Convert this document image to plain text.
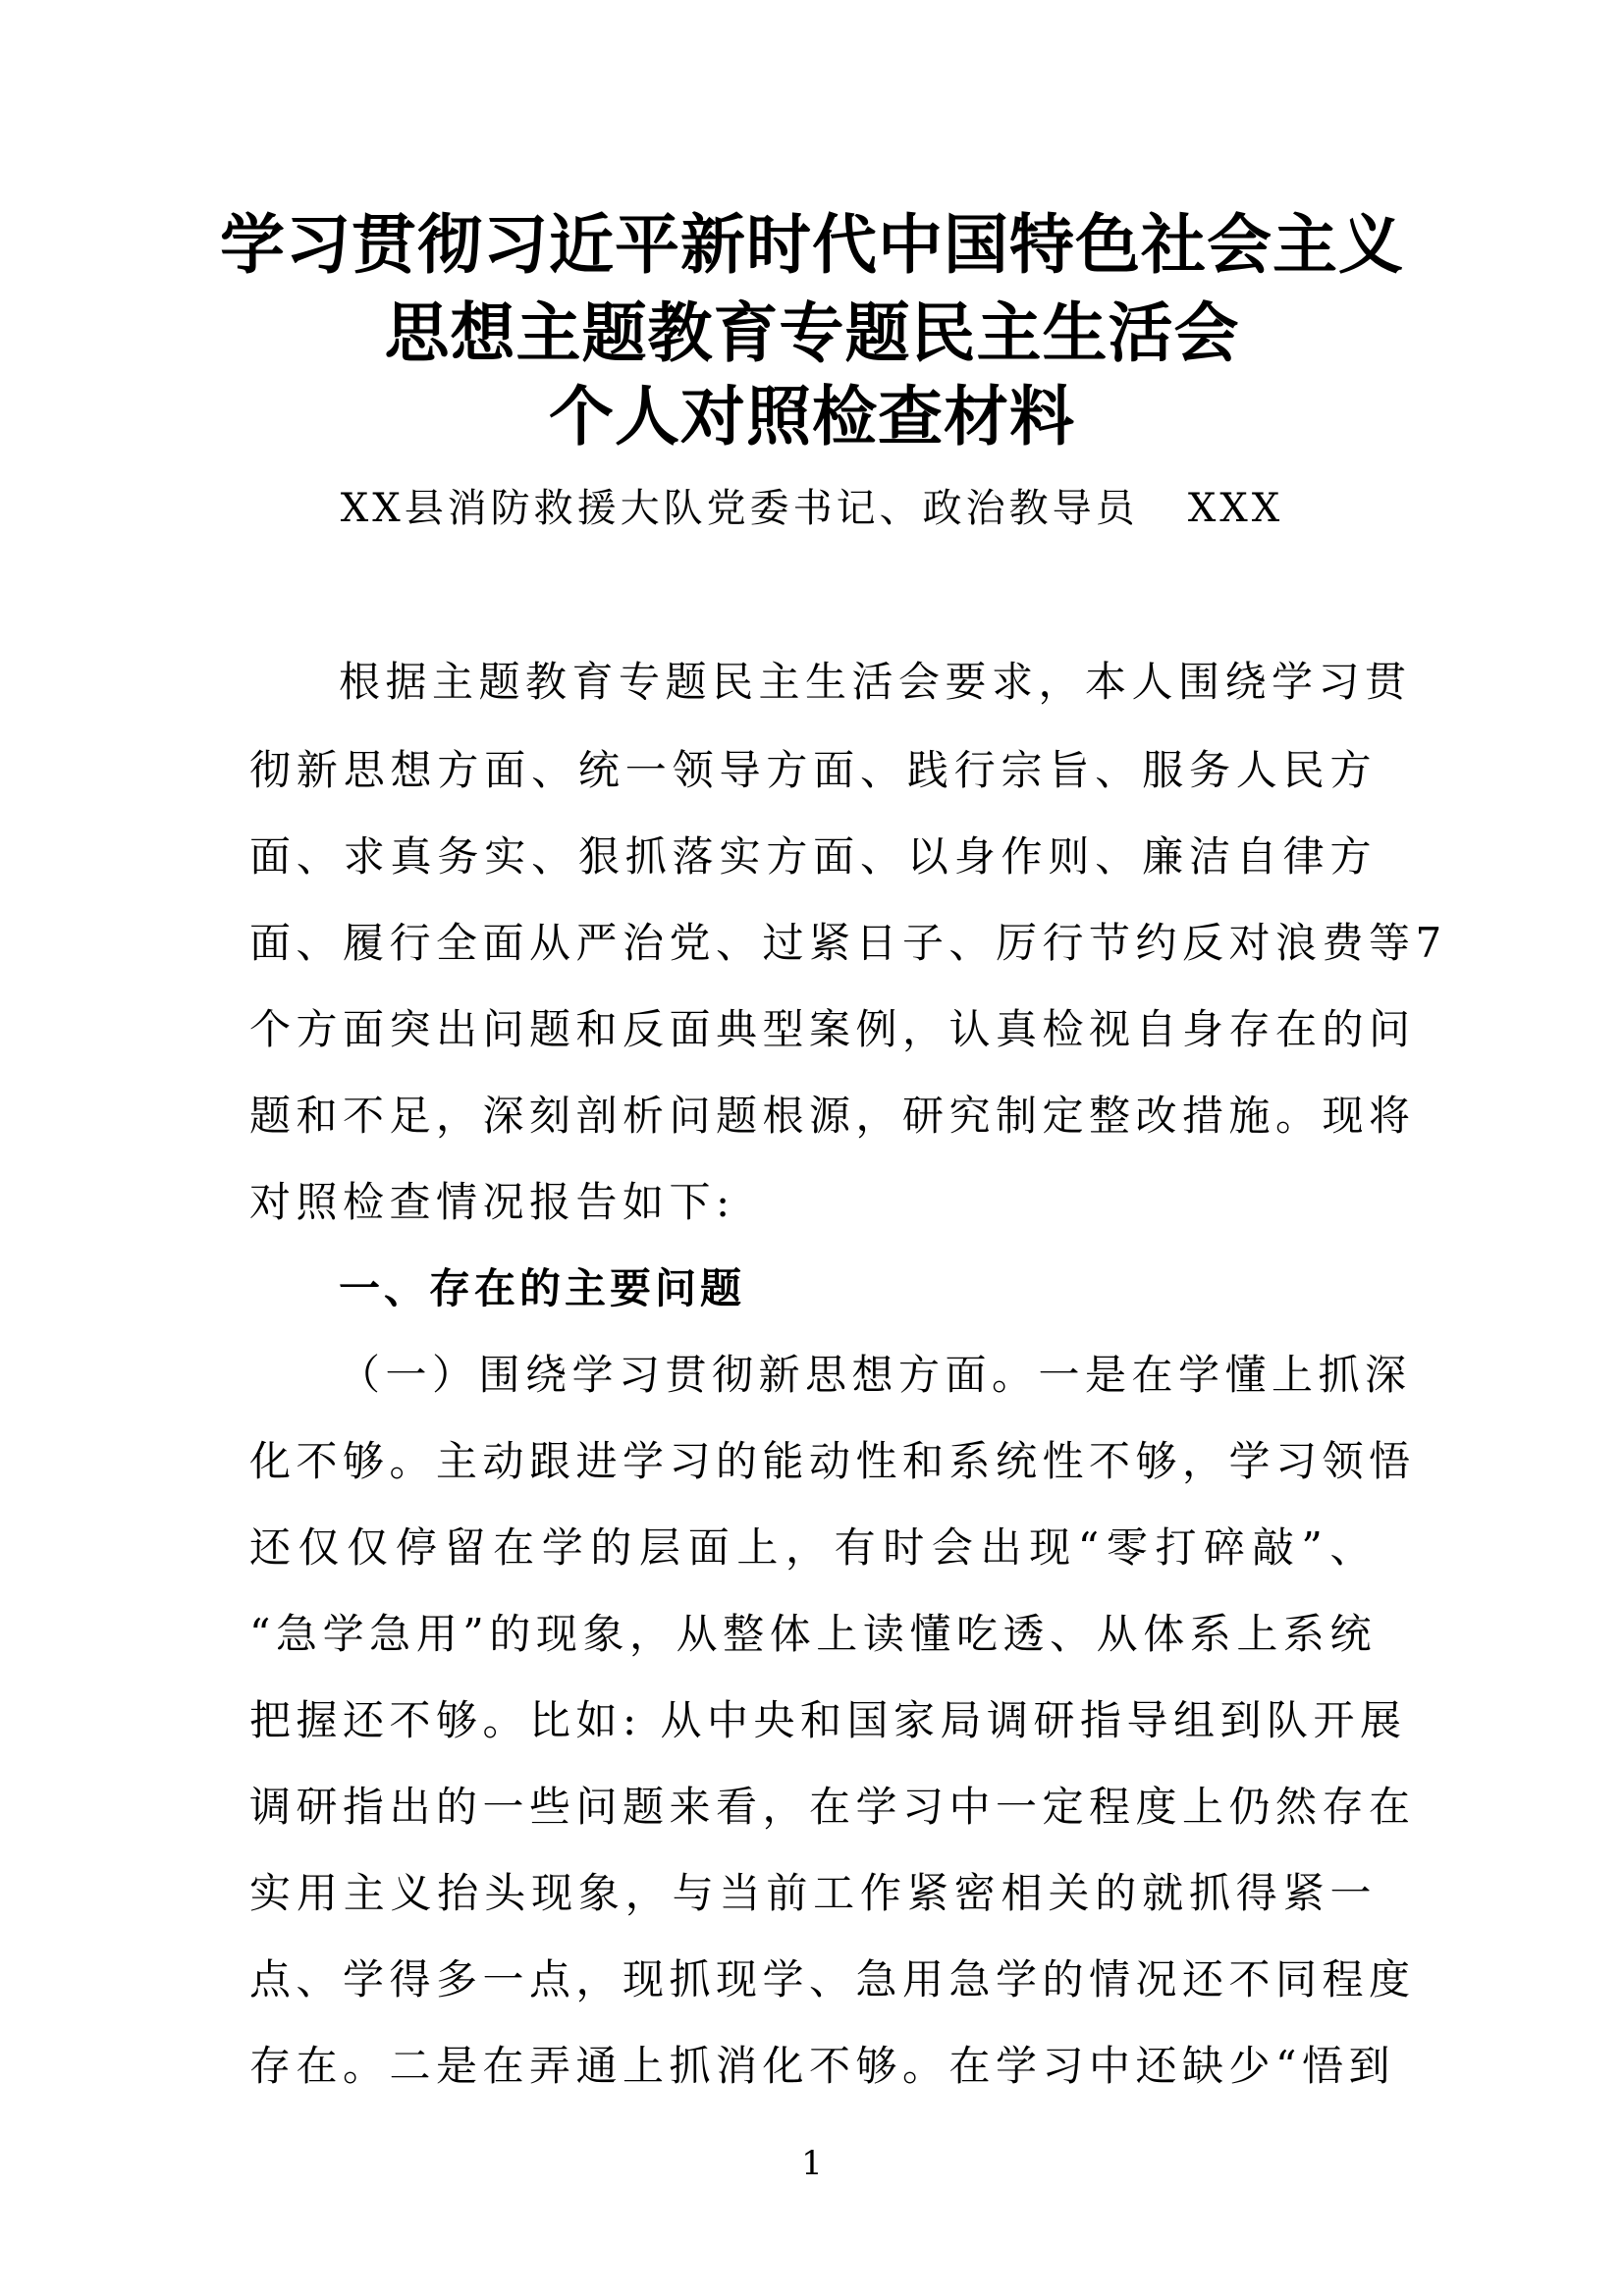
学习贯彻习近平新时代中国特色社会主义
思想主题教育专题民主生活会
个人对照检查材料
XX县消防救援大队党委书记、政治教导员   XXX
根据主题教育专题民主生活会要求，本人围绕学习贯
彻新思想方面、统一领导方面、践行宗旨、服务人民方
面、求真务实、狠抓落实方面、以身作则、廉洁自律方
面、履行全面从严治党、过紧日子、厉行节约反对浪费等7
个方面突出问题和反面典型案例，认真检视自身存在的问
题和不足，深刻剖析问题根源，研究制定整改措施。现将
对照检查情况报告如下:
一、存在的主要问题
（一）围绕学习贯彻新思想方面。一是在学懂上抓深
化不够。主动跟进学习的能动性和系统性不够，学习领悟
还仅仅停留在学的层面上，有时会出现“零打碎敲”、
“急学急用”的现象，从整体上读懂吃透、从体系上系统
把握还不够。比如: 从中央和国家局调研指导组到队开展
调研指出的一些问题来看，在学习中一定程度上仍然存在
实用主义抬头现象，与当前工作紧密相关的就抓得紧一
点、学得多一点，现抓现学、急用急学的情况还不同程度
存在。二是在弄通上抓消化不够。在学习中还缺少“悟到
1
